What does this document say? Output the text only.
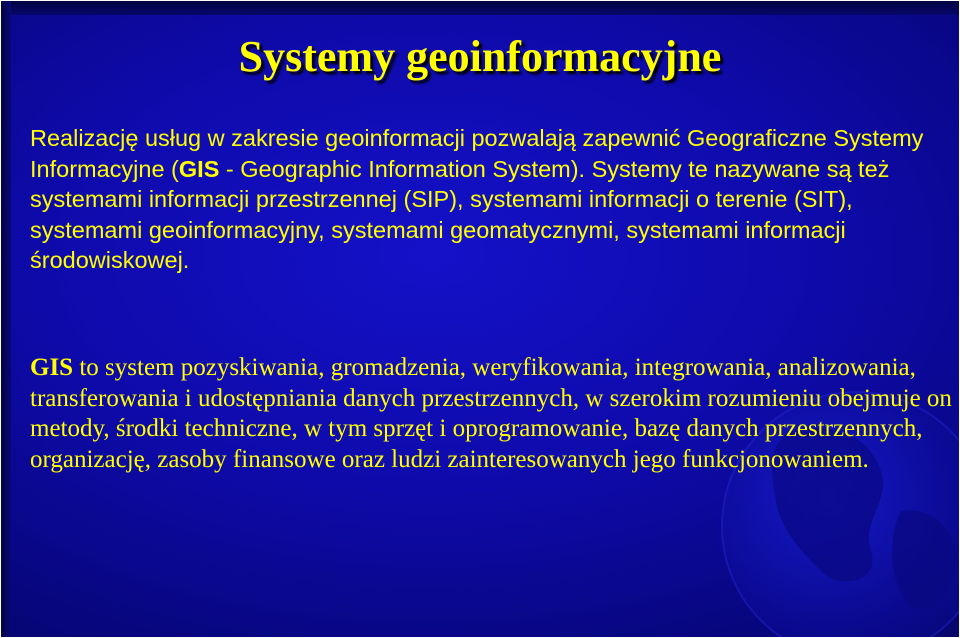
Systemy geoinformacyjne
Realizację usług w zakresie geoinformacji pozwalają zapewnić Geograficzne Systemy Informacyjne (GIS - Geographic Information System). Systemy te nazywane są też systemami informacji przestrzennej (SIP), systemami informacji o terenie (SIT), systemami geoinformacyjny, systemami geomatycznymi, systemami informacji środowiskowej.
GIS to system pozyskiwania, gromadzenia, weryfikowania, integrowania, analizowania, transferowania i udostępniania danych przestrzennych, w szerokim rozumieniu obejmuje on metody, środki techniczne, w tym sprzęt i oprogramowanie, bazę danych przestrzennych, organizację, zasoby finansowe oraz ludzi zainteresowanych jego funkcjonowaniem.
